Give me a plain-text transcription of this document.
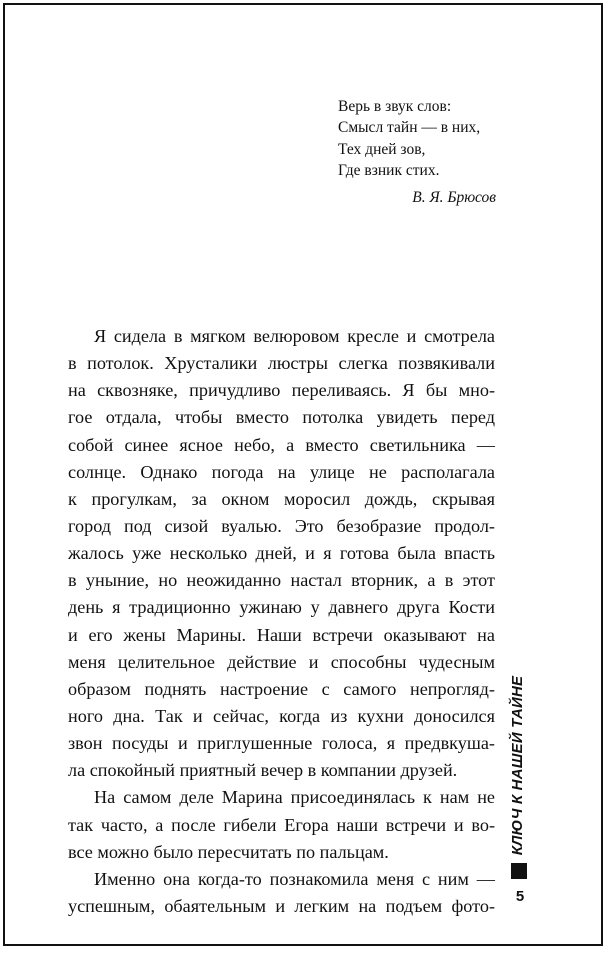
Верь в звук слов:
Смысл тайн — в них,
Тех дней зов,
Где взник стих.
В. Я. Брюсов
Я сидела в мягком велюровом кресле и смотрела
в потолок. Хрусталики люстры слегка позвякивали
на сквозняке, причудливо переливаясь. Я бы мно-
гое отдала, чтобы вместо потолка увидеть перед
собой синее ясное небо, а вместо светильника —
солнце. Однако погода на улице не располагала
к прогулкам, за окном моросил дождь, скрывая
город под сизой вуалью. Это безобразие продол-
жалось уже несколько дней, и я готова была впасть
в уныние, но неожиданно настал вторник, а в этот
день я традиционно ужинаю у давнего друга Кости
и его жены Марины. Наши встречи оказывают на
меня целительное действие и способны чудесным
образом поднять настроение с самого непрогляд-
ного дна. Так и сейчас, когда из кухни доносился
звон посуды и приглушенные голоса, я предвкуша-
ла спокойный приятный вечер в компании друзей.
На самом деле Марина присоединялась к нам не
так часто, а после гибели Егора наши встречи и во-
все можно было пересчитать по пальцам.
Именно она когда-то познакомила меня с ним —
успешным, обаятельным и легким на подъем фото-
КЛЮЧ К НАШЕЙ ТАЙНЕ
5
